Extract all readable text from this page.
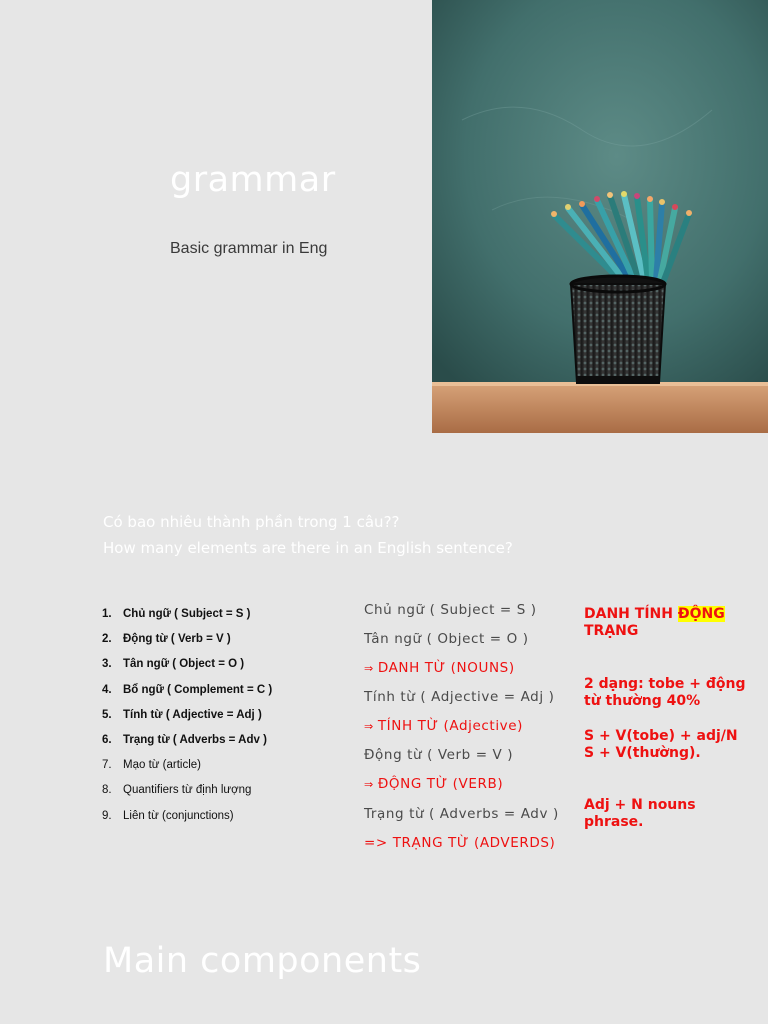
grammar
Basic grammar in Eng
Có bao nhiêu thành phần trong 1 câu??
How many elements are there in an English sentence?
1. Chủ ngữ ( Subject = S )
2. Động từ ( Verb = V )
3. Tân ngữ ( Object = O )
4. Bổ ngữ ( Complement = C )
5. Tính từ ( Adjective = Adj )
6. Trạng từ ( Adverbs = Adv )
7. Mạo từ (article)
8. Quantifiers từ định lượng
9. Liên từ (conjunctions)
Chủ ngữ ( Subject = S )
Tân ngữ ( Object = O )
⇒ DANH TỪ (NOUNS)
Tính từ ( Adjective = Adj )
⇒ TÍNH TỪ (Adjective)
Động từ ( Verb = V )
⇒ ĐỘNG TỪ (VERB)
Trạng từ ( Adverbs = Adv )
=> TRẠNG TỪ (ADVERDS)
DANH TÍNH ĐỘNG
TRẠNG
2 dạng: tobe + động từ thường 40%
S + V(tobe) + adj/N
S + V(thường).
Adj + N nouns
phrase.
Main components
